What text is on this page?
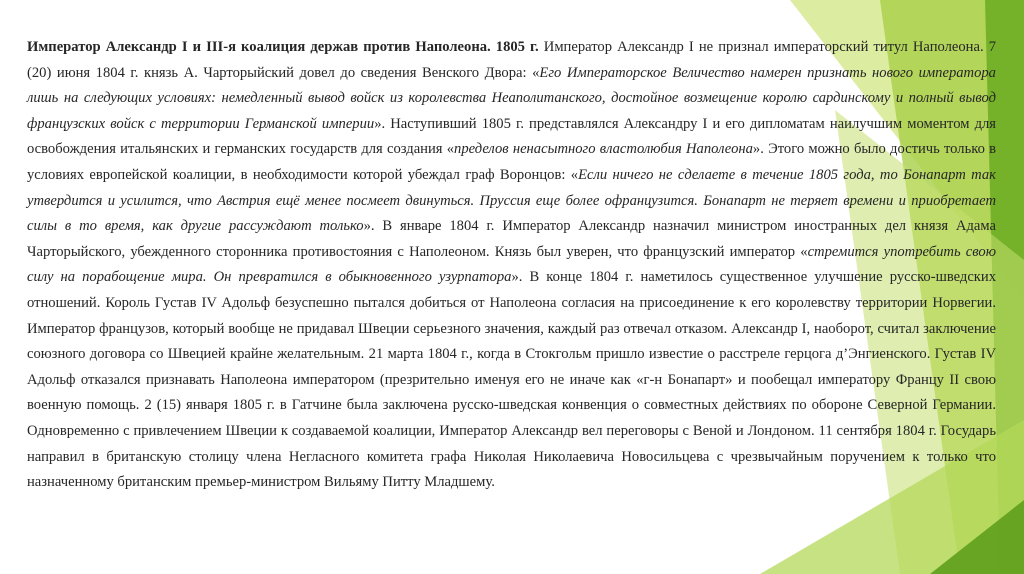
Император Александр I и III-я коалиция держав против Наполеона. 1805 г. Император Александр I не признал императорский титул Наполеона. 7 (20) июня 1804 г. князь А. Чарторыйский довел до сведения Венского Двора: «Его Императорское Величество намерен признать нового императора лишь на следующих условиях: немедленный вывод войск из королевства Неаполитанского, достойное возмещение королю сардинскому и полный вывод французских войск с территории Германской империи». Наступивший 1805 г. представлялся Александру I и его дипломатам наилучшим моментом для освобождения итальянских и германских государств для создания «пределов ненасытного властолюбия Наполеона». Этого можно было достичь только в условиях европейской коалиции, в необходимости которой убеждал граф Воронцов: «Если ничего не сделаете в течение 1805 года, то Бонапарт так утвердится и усилится, что Австрия ещё менее посмеет двинуться. Пруссия еще более офранцузится. Бонапарт не теряет времени и приобретает силы в то время, как другие рассуждают только». В январе 1804 г. Император Александр назначил министром иностранных дел князя Адама Чарторыйского, убежденного сторонника противостояния с Наполеоном. Князь был уверен, что французский император «стремится употребить свою силу на порабощение мира. Он превратился в обыкновенного узурпатора». В конце 1804 г. наметилось существенное улучшение русско-шведских отношений. Король Густав IV Адольф безуспешно пытался добиться от Наполеона согласия на присоединение к его королевству территории Норвегии. Император французов, который вообще не придавал Швеции серьезного значения, каждый раз отвечал отказом. Александр I, наоборот, считал заключение союзного договора со Швецией крайне желательным. 21 марта 1804 г., когда в Стокгольм пришло известие о расстреле герцога д’Энгиенского. Густав IV Адольф отказался признавать Наполеона императором (презрительно именуя его не иначе как «г-н Бонапарт» и пообещал императору Францу II свою военную помощь. 2 (15) января 1805 г. в Гатчине была заключена русско-шведская конвенция о совместных действиях по обороне Северной Германии. Одновременно с привлечением Швеции к создаваемой коалиции, Император Александр вел переговоры с Веной и Лондоном. 11 сентября 1804 г. Государь направил в британскую столицу члена Негласного комитета графа Николая Николаевича Новосильцева с чрезвычайным поручением к только что назначенному британским премьер-министром Вильяму Питту Младшему.
